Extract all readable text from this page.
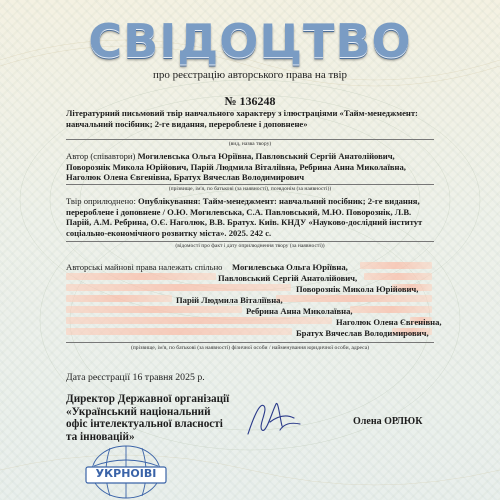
СВІДОЦТВО
про реєстрацію авторського права на твір
№ 136248
Літературний письмовий твір навчального характеру з ілюстраціями «Тайм-менеджмент: навчальний посібник; 2-ге видання, перероблене і доповнене»
(вид, назва твору)
Автор (співавтори) Могилевська Ольга Юріївна, Павловський Сергій Анатолійович, Поворознік Микола Юрійович, Парій Людмила Віталіївна, Ребрина Анна Миколаївна, Наголюк Олена Євгенівна, Братух Вячеслав Володимирович
(прізвище, ім'я, по батькові (за наявності), псевдонім (за наявності))
Твір оприлюднено: Опублікування: Тайм-менеджмент: навчальний посібник; 2-ге видання, перероблене і доповнене / О.Ю. Могилевська, С.А. Павловський, М.Ю. Поворознік, Л.В. Парій, А.М. Ребрина, О.Є. Наголюк, В.В. Братух. Київ. КНДУ «Науково-дослідний інститут соціально-економічного розвитку міста». 2025. 242 с.
(відомості про факт і дату оприлюднення твору (за наявності))
Авторські майнові права належать спільно	Могилевська Ольга Юріївна,
Павловський Сергій Анатолійович,
Поворознік Микола Юрійович,
Парій Людмила Віталіївна,
Ребрина Анна Миколаївна,
Наголюк Олена Євгенівна,
Братух Вячеслав Володимирович,
(прізвище, ім'я, по батькові (за наявності) фізичної особи / найменування юридичної особи, адреса)
Дата реєстрації 16 травня 2025 р.
Директор Державної організації
«Український національний
офіс інтелектуальної власності
та інновацій»
Олена ОРЛЮК
УКРНОІВІ
